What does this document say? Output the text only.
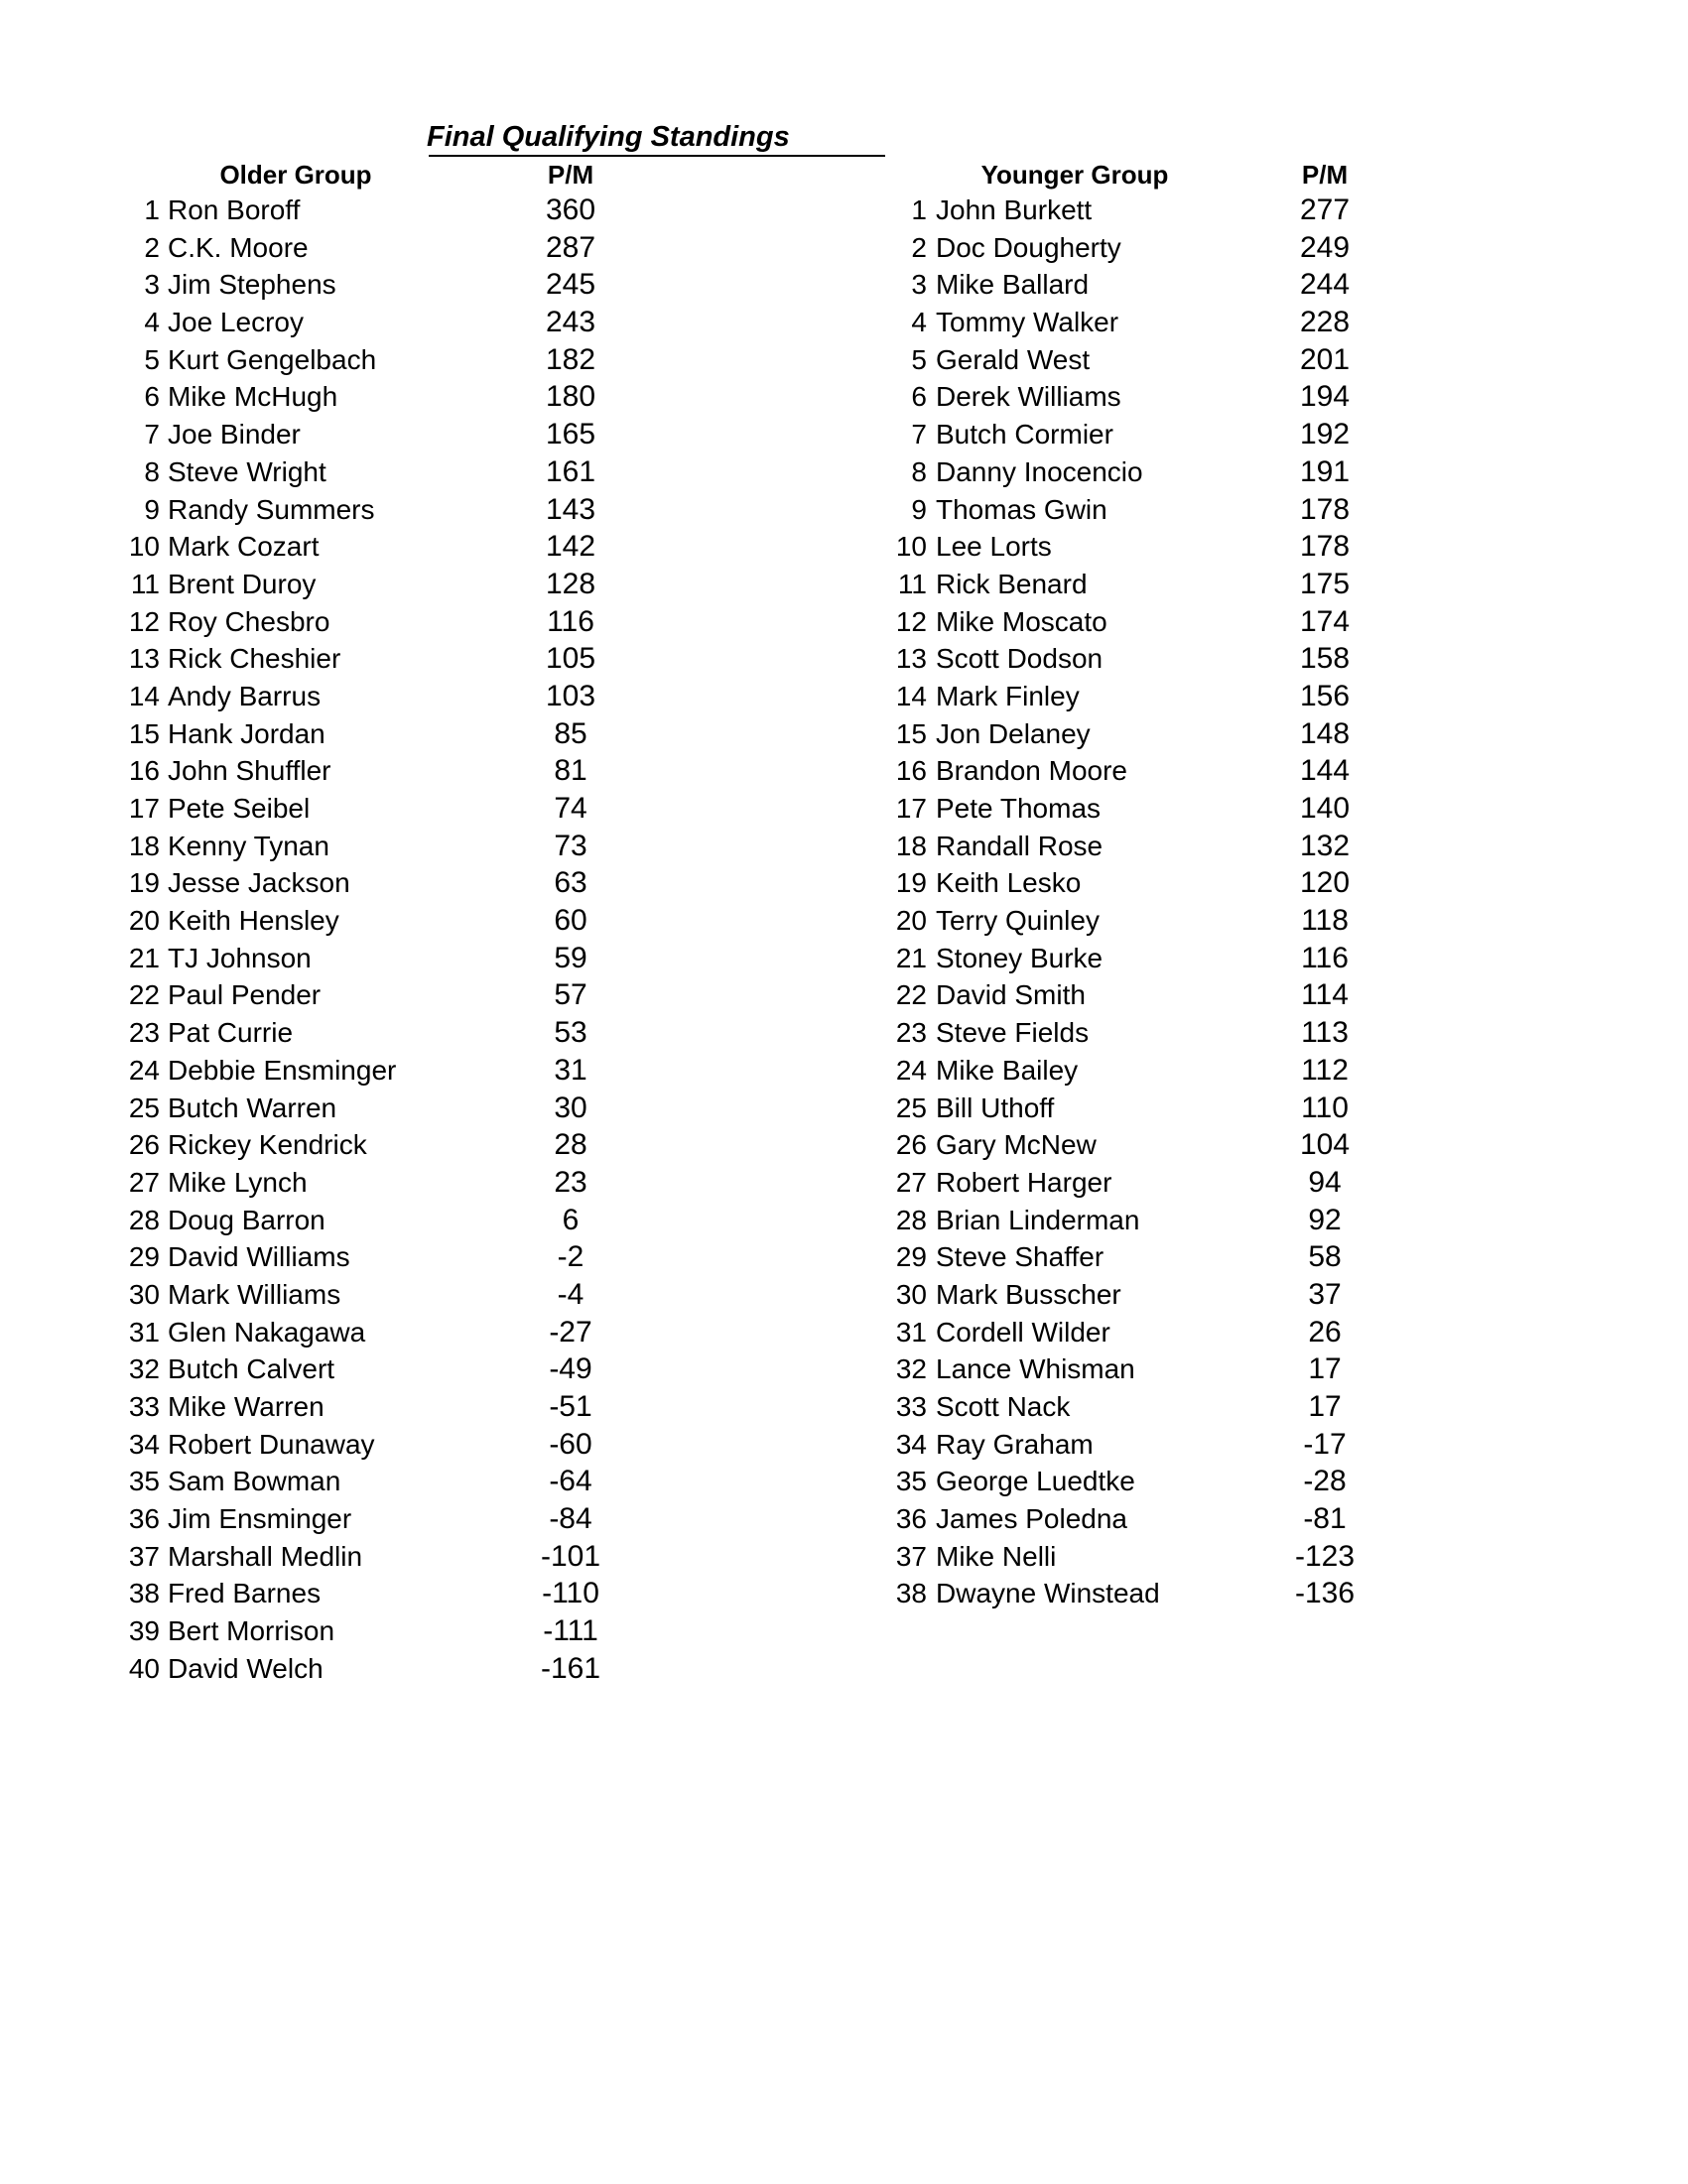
Final Qualifying Standings
Older Group	P/M	Younger Group	P/M
1 Ron Boroff	360
2 C.K. Moore	287
3 Jim Stephens	245
4 Joe Lecroy	243
5 Kurt Gengelbach	182
6 Mike McHugh	180
7 Joe Binder	165
8 Steve Wright	161
9 Randy Summers	143
10 Mark Cozart	142
11 Brent Duroy	128
12 Roy Chesbro	116
13 Rick Cheshier	105
14 Andy Barrus	103
15 Hank Jordan	85
16 John Shuffler	81
17 Pete Seibel	74
18 Kenny Tynan	73
19 Jesse Jackson	63
20 Keith Hensley	60
21 TJ Johnson	59
22 Paul Pender	57
23 Pat Currie	53
24 Debbie Ensminger	31
25 Butch Warren	30
26 Rickey Kendrick	28
27 Mike Lynch	23
28 Doug Barron	6
29 David Williams	-2
30 Mark Williams	-4
31 Glen Nakagawa	-27
32 Butch Calvert	-49
33 Mike Warren	-51
34 Robert Dunaway	-60
35 Sam Bowman	-64
36 Jim Ensminger	-84
37 Marshall Medlin	-101
38 Fred Barnes	-110
39 Bert Morrison	-111
40 David Welch	-161
1 John Burkett	277
2 Doc Dougherty	249
3 Mike Ballard	244
4 Tommy Walker	228
5 Gerald West	201
6 Derek Williams	194
7 Butch Cormier	192
8 Danny Inocencio	191
9 Thomas Gwin	178
10 Lee Lorts	178
11 Rick Benard	175
12 Mike Moscato	174
13 Scott Dodson	158
14 Mark Finley	156
15 Jon Delaney	148
16 Brandon Moore	144
17 Pete Thomas	140
18 Randall Rose	132
19 Keith Lesko	120
20 Terry Quinley	118
21 Stoney Burke	116
22 David Smith	114
23 Steve Fields	113
24 Mike Bailey	112
25 Bill Uthoff	110
26 Gary McNew	104
27 Robert Harger	94
28 Brian Linderman	92
29 Steve Shaffer	58
30 Mark Busscher	37
31 Cordell Wilder	26
32 Lance Whisman	17
33 Scott Nack	17
34 Ray Graham	-17
35 George Luedtke	-28
36 James Poledna	-81
37 Mike Nelli	-123
38 Dwayne Winstead	-136
